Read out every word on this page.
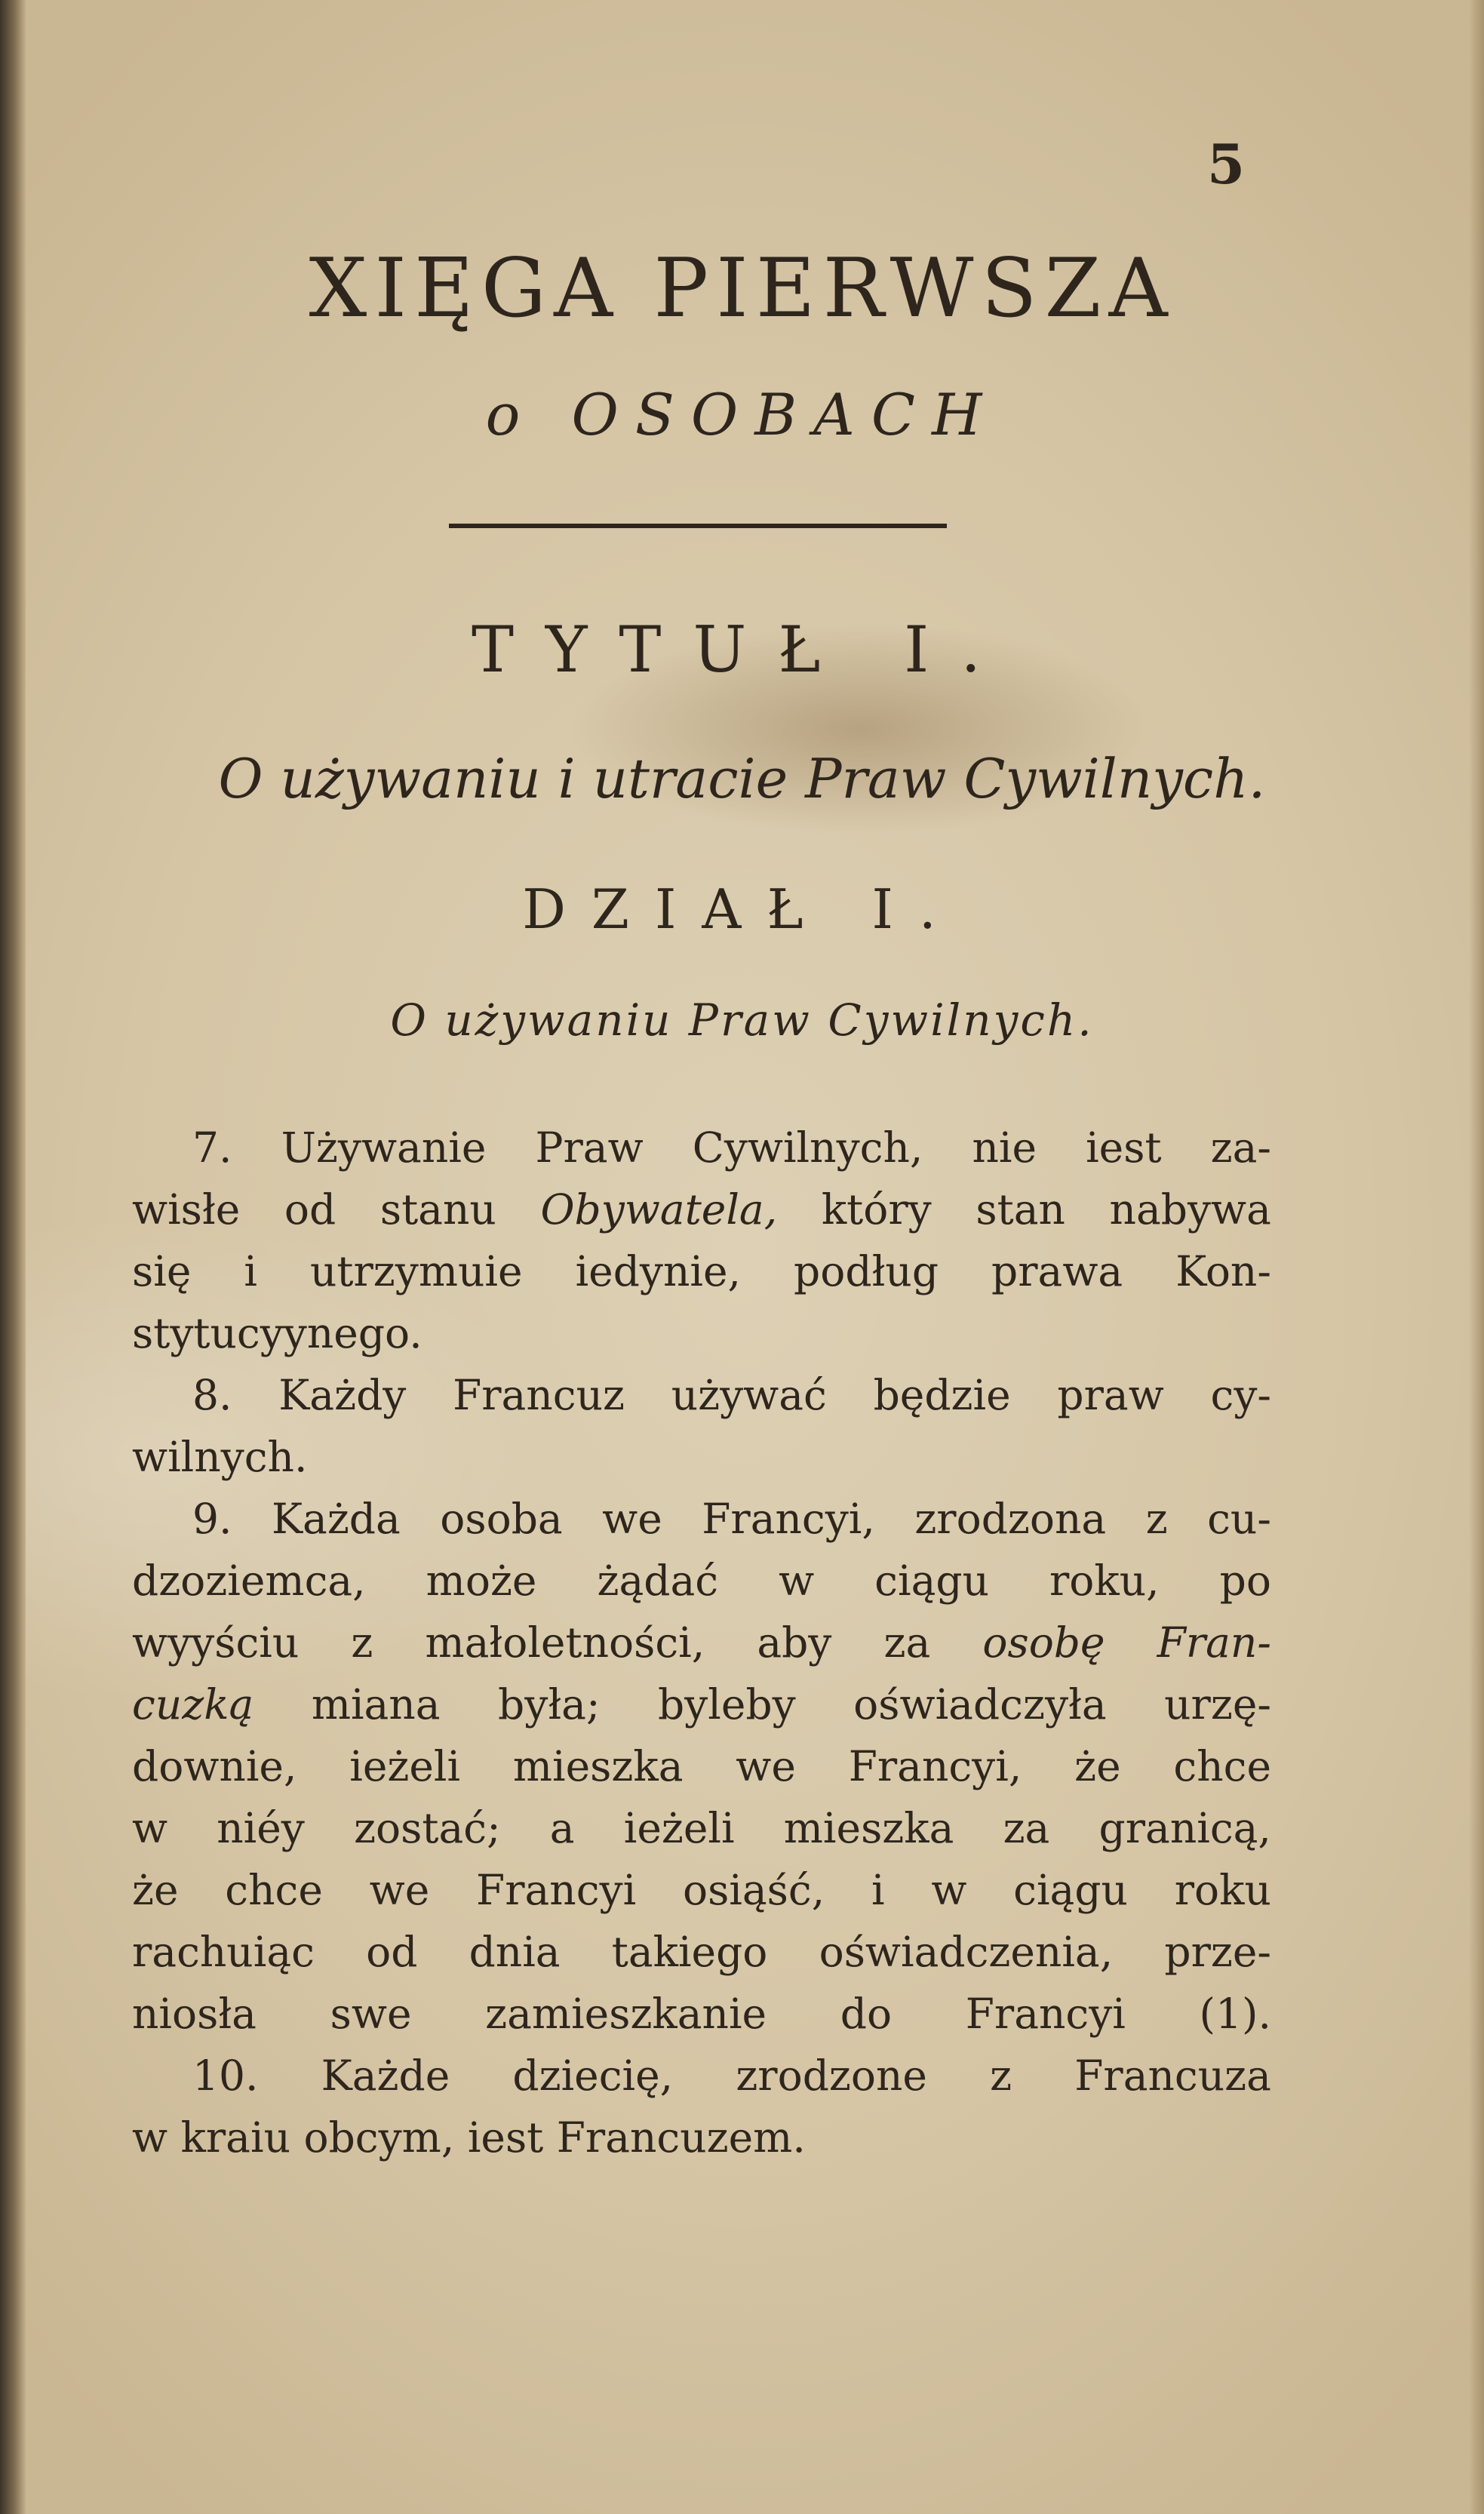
5
XIĘGA PIERWSZA
o OSOBACH
TYTUŁ I.
O używaniu i utracie Praw Cywilnych.
DZIAŁ I.
O używaniu Praw Cywilnych.
7. Używanie Praw Cywilnych, nie iest za-
wisłe od stanu Obywatela, który stan nabywa
się i utrzymuie iedynie, podług prawa Kon-
stytucyynego.
8. Każdy Francuz używać będzie praw cy-
wilnych.
9. Każda osoba we Francyi, zrodzona z cu-
dzoziemca, może żądać w ciągu roku, po
wyyściu z małoletności, aby za osobę Fran-
cuzką miana była; byleby oświadczyła urzę-
downie, ieżeli mieszka we Francyi, że chce
w niéy zostać; a ieżeli mieszka za granicą,
że chce we Francyi osiąść, i w ciągu roku
rachuiąc od dnia takiego oświadczenia, prze-
niosła swe zamieszkanie do Francyi (1).
10. Każde dziecię, zrodzone z Francuza
w kraiu obcym, iest Francuzem.
